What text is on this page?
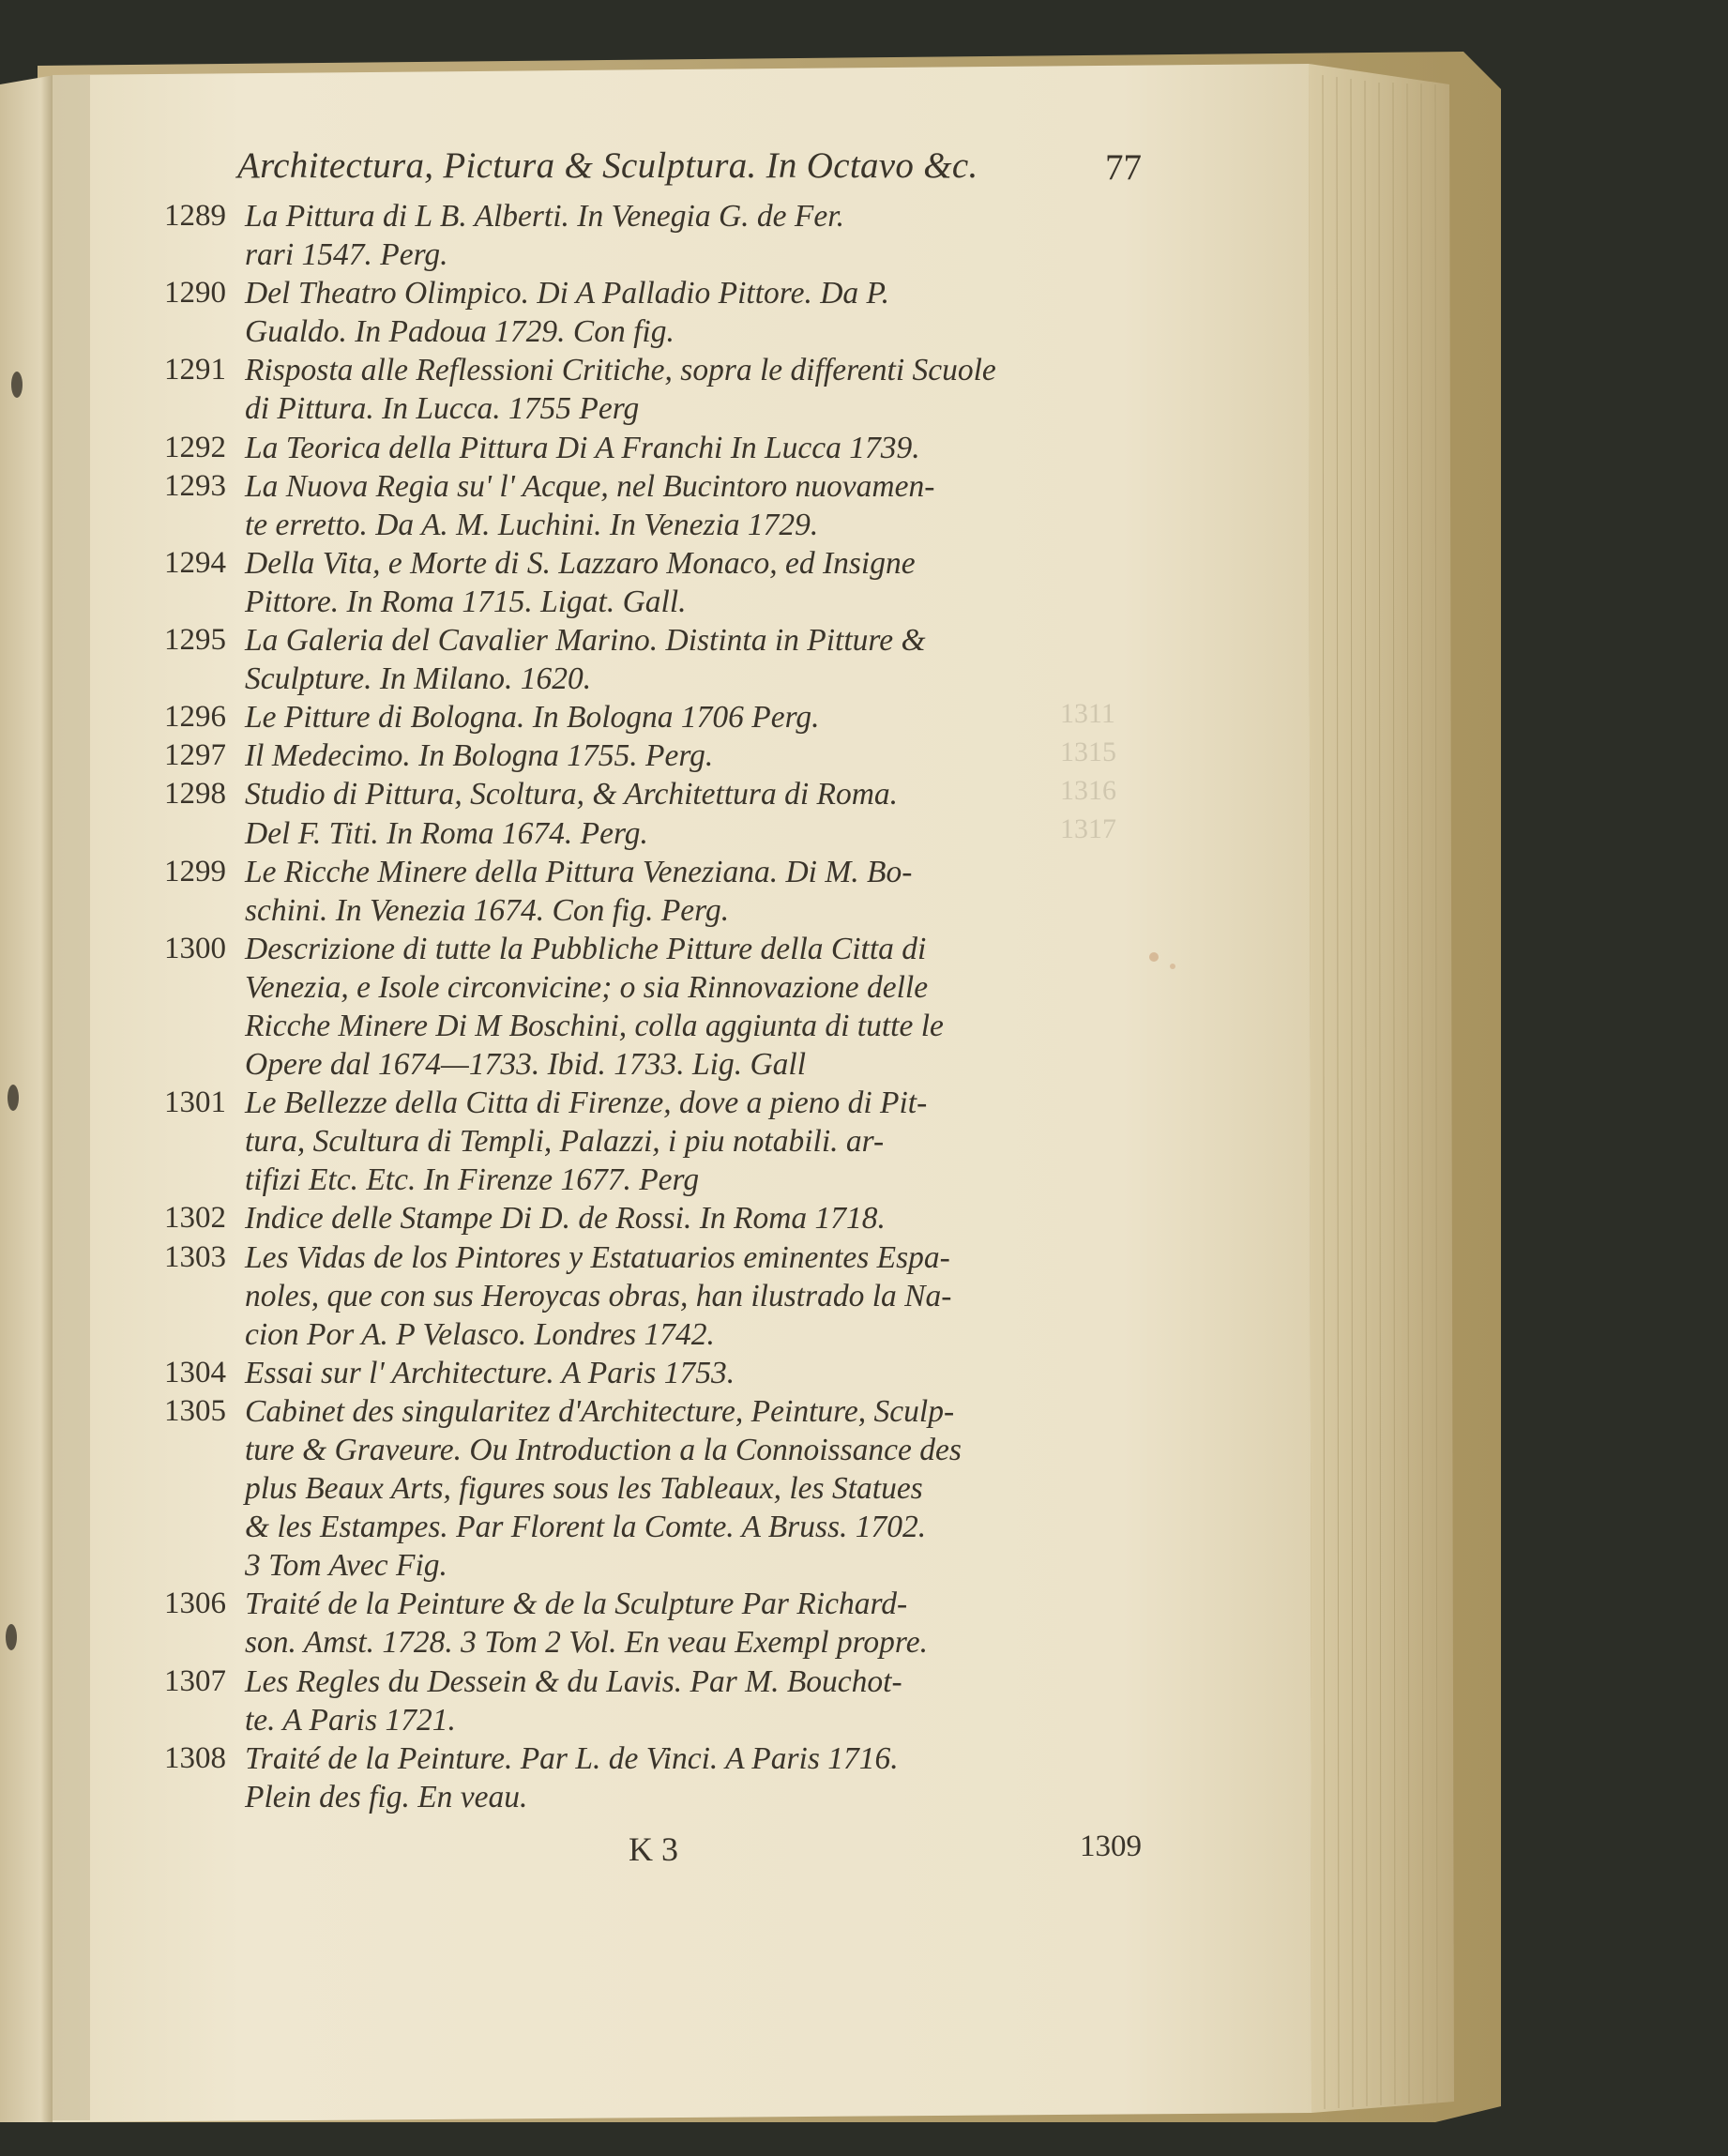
1311
1315
1316
1317
Architectura, Pictura & Sculptura. In Octavo &c.	77
1289 La Pittura di L B. Alberti. In Venegia G. de Fer.
rari 1547. Perg.
1290 Del Theatro Olimpico. Di A Palladio Pittore. Da P.
Gualdo. In Padoua 1729. Con fig.
1291 Risposta alle Reflessioni Critiche, sopra le differenti Scuole
di Pittura. In Lucca. 1755 Perg
1292 La Teorica della Pittura Di A Franchi In Lucca 1739.
1293 La Nuova Regia su' l' Acque, nel Bucintoro nuovamen-
te erretto. Da A. M. Luchini. In Venezia 1729.
1294 Della Vita, e Morte di S. Lazzaro Monaco, ed Insigne
Pittore. In Roma 1715. Ligat. Gall.
1295 La Galeria del Cavalier Marino. Distinta in Pitture &
Sculpture. In Milano. 1620.
1296 Le Pitture di Bologna. In Bologna 1706 Perg.
1297 Il Medecimo. In Bologna 1755. Perg.
1298 Studio di Pittura, Scoltura, & Architettura di Roma.
Del F. Titi. In Roma 1674. Perg.
1299 Le Ricche Minere della Pittura Veneziana. Di M. Bo-
schini. In Venezia 1674. Con fig. Perg.
1300 Descrizione di tutte la Pubbliche Pitture della Citta di
Venezia, e Isole circonvicine; o sia Rinnovazione delle
Ricche Minere Di M Boschini, colla aggiunta di tutte le
Opere dal 1674—1733. Ibid. 1733. Lig. Gall
1301 Le Bellezze della Citta di Firenze, dove a pieno di Pit-
tura, Scultura di Templi, Palazzi, i piu notabili. ar-
tifizi Etc. Etc. In Firenze 1677. Perg
1302 Indice delle Stampe Di D. de Rossi. In Roma 1718.
1303 Les Vidas de los Pintores y Estatuarios eminentes Espa-
noles, que con sus Heroycas obras, han ilustrado la Na-
cion Por A. P Velasco. Londres 1742.
1304 Essai sur l' Architecture. A Paris 1753.
1305 Cabinet des singularitez d'Architecture, Peinture, Sculp-
ture & Graveure. Ou Introduction a la Connoissance des
plus Beaux Arts, figures sous les Tableaux, les Statues
& les Estampes. Par Florent la Comte. A Bruss. 1702.
3 Tom Avec Fig.
1306 Traité de la Peinture & de la Sculpture Par Richard-
son. Amst. 1728. 3 Tom 2 Vol. En veau Exempl propre.
1307 Les Regles du Dessein & du Lavis. Par M. Bouchot-
te. A Paris 1721.
1308 Traité de la Peinture. Par L. de Vinci. A Paris 1716.
Plein des fig. En veau.
K 3	1309
